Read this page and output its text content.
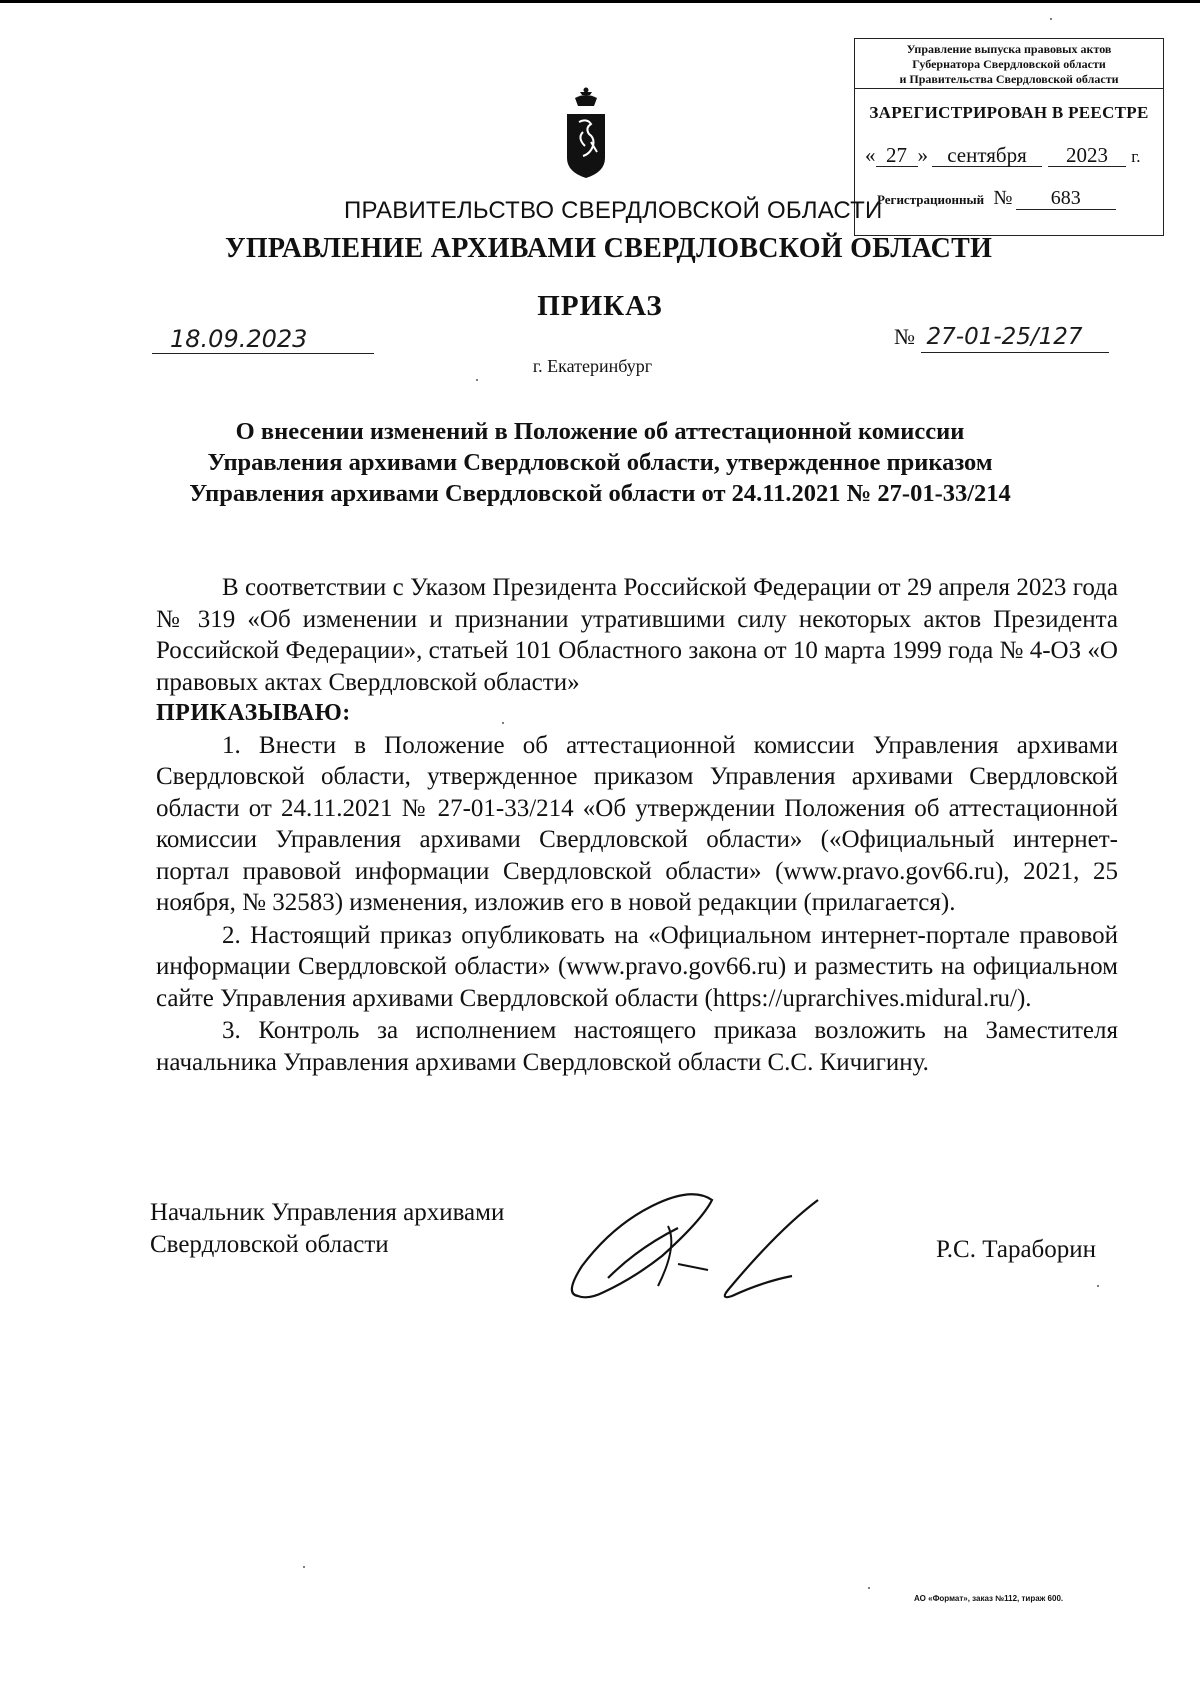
Управление выпуска правовых актов
Губернатора Свердловской области
и Правительства Свердловской области
ЗАРЕГИСТРИРОВАН В РЕЕСТРЕ
« 27 » сентября 2023 г.
Регистрационный № 683
ПРАВИТЕЛЬСТВО СВЕРДЛОВСКОЙ ОБЛАСТИ
УПРАВЛЕНИЕ АРХИВАМИ СВЕРДЛОВСКОЙ ОБЛАСТИ
ПРИКАЗ
18.09.2023	№ 27-01-25/127
г. Екатеринбург
О внесении изменений в Положение об аттестационной комиссии
Управления архивами Свердловской области, утвержденное приказом
Управления архивами Свердловской области от 24.11.2021 № 27-01-33/214

В соответствии с Указом Президента Российской Федерации от 29 апреля 2023 года № 319 «Об изменении и признании утратившими силу некоторых актов Президента Российской Федерации», статьей 101 Областного закона от 10 марта 1999 года № 4-ОЗ «О правовых актах Свердловской области»

ПРИКАЗЫВАЮ:

1. Внести в Положение об аттестационной комиссии Управления архивами Свердловской области, утвержденное приказом Управления архивами Свердловской области от 24.11.2021 № 27-01-33/214 «Об утверждении Положения об аттестационной комиссии Управления архивами Свердловской области» («Официальный интернет-портал правовой информации Свердловской области» (www.pravo.gov66.ru), 2021, 25 ноября, № 32583) изменения, изложив его в новой редакции (прилагается).

2. Настоящий приказ опубликовать на «Официальном интернет-портале правовой информации Свердловской области» (www.pravo.gov66.ru) и разместить на официальном сайте Управления архивами Свердловской области (https://uprarchives.midural.ru/).

3. Контроль за исполнением настоящего приказа возложить на Заместителя начальника Управления архивами Свердловской области С.С. Кичигину.

Начальник Управления архивами
Свердловской области	Р.С. Тараборин
АО «Формат», заказ №112, тираж 600.
